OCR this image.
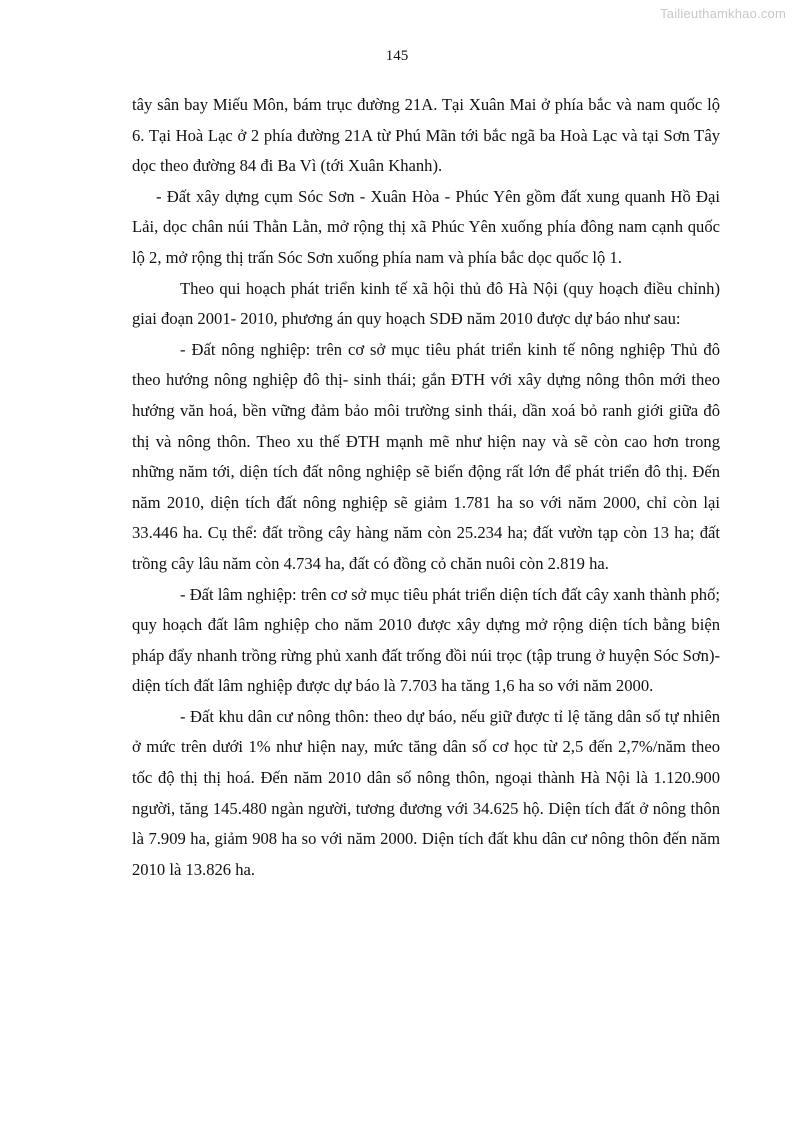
Tailieuthamkhao.com
145

tây sân bay Miếu Môn, bám trục đường 21A. Tại Xuân Mai ở phía bắc và nam quốc lộ 6. Tại Hoà Lạc ở 2 phía đường 21A từ Phú Mãn tới bắc ngã ba Hoà Lạc và tại Sơn Tây dọc theo đường 84 đi Ba Vì (tới Xuân Khanh).

- Đất xây dựng cụm Sóc Sơn - Xuân Hòa - Phúc Yên gồm đất xung quanh Hồ Đại Lải, dọc chân núi Thằn Lằn, mở rộng thị xã Phúc Yên xuống phía đông nam cạnh quốc lộ 2, mở rộng thị trấn Sóc Sơn xuống phía nam và phía bắc dọc quốc lộ 1.

Theo qui hoạch phát triển kinh tế xã hội thủ đô Hà Nội (quy hoạch điều chỉnh) giai đoạn 2001- 2010, phương án quy hoạch SDĐ năm 2010 được dự báo như sau:

- Đất nông nghiệp: trên cơ sở mục tiêu phát triển kinh tế nông nghiệp Thủ đô theo hướng nông nghiệp đô thị- sinh thái; gắn ĐTH với xây dựng nông thôn mới theo hướng văn hoá, bền vững đảm bảo môi trường sinh thái, dần xoá bỏ ranh giới giữa đô thị và nông thôn. Theo xu thế ĐTH mạnh mẽ như hiện nay và sẽ còn cao hơn trong những năm tới, diện tích đất nông nghiệp sẽ biến động rất lớn để phát triển đô thị. Đến năm 2010, diện tích đất nông nghiệp sẽ giảm 1.781 ha so với năm 2000, chỉ còn lại 33.446 ha. Cụ thể: đất trồng cây hàng năm còn 25.234 ha; đất vườn tạp còn 13 ha; đất trồng cây lâu năm còn 4.734 ha, đất có đồng cỏ chăn nuôi còn 2.819 ha.

- Đất lâm nghiệp: trên cơ sở mục tiêu phát triển diện tích đất cây xanh thành phố; quy hoạch đất lâm nghiệp cho năm 2010 được xây dựng mở rộng diện tích bằng biện pháp đẩy nhanh trồng rừng phủ xanh đất trống đồi núi trọc (tập trung ở huyện Sóc Sơn)- diện tích đất lâm nghiệp được dự báo là 7.703 ha tăng 1,6 ha so với năm 2000.

- Đất khu dân cư nông thôn: theo dự báo, nếu giữ được tỉ lệ tăng dân số tự nhiên ở mức trên dưới 1% như hiện nay, mức tăng dân số cơ học từ 2,5 đến 2,7%/năm theo tốc độ thị thị hoá. Đến năm 2010 dân số nông thôn, ngoại thành Hà Nội là 1.120.900 người, tăng 145.480 ngàn người, tương đương với 34.625 hộ. Diện tích đất ở nông thôn là 7.909 ha, giảm 908 ha so với năm 2000. Diện tích đất khu dân cư nông thôn đến năm 2010 là 13.826 ha.
